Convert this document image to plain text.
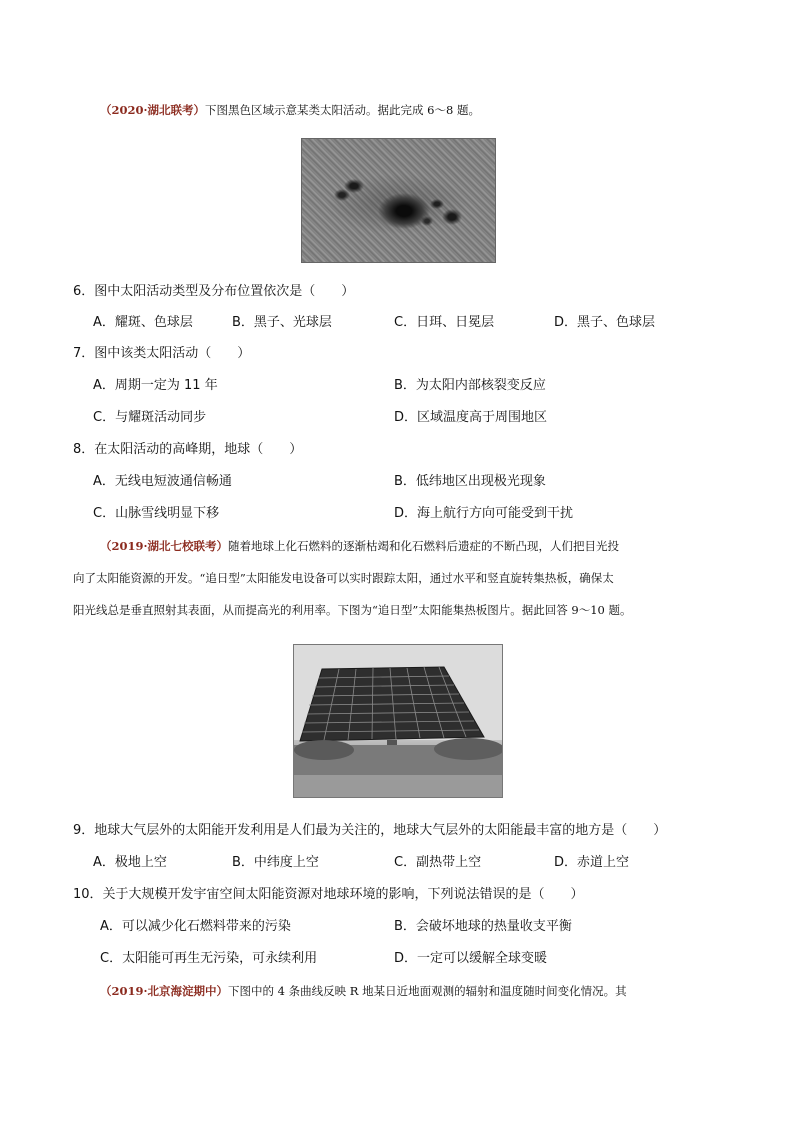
（2020·湖北联考）下图黑色区域示意某类太阳活动。据此完成 6～8 题。
6．图中太阳活动类型及分布位置依次是（　　）
A．耀斑、色球层	B．黑子、光球层	C．日珥、日冕层	D．黑子、色球层
7．图中该类太阳活动（　　）
A．周期一定为 11 年	B．为太阳内部核裂变反应
C．与耀斑活动同步	D．区域温度高于周围地区
8．在太阳活动的高峰期，地球（　　）
A．无线电短波通信畅通	B．低纬地区出现极光现象
C．山脉雪线明显下移	D．海上航行方向可能受到干扰
（2019·湖北七校联考）随着地球上化石燃料的逐渐枯竭和化石燃料后遗症的不断凸现，人们把目光投
向了太阳能资源的开发。“追日型”太阳能发电设备可以实时跟踪太阳，通过水平和竖直旋转集热板，确保太
阳光线总是垂直照射其表面，从而提高光的利用率。下图为“追日型”太阳能集热板图片。据此回答 9～10 题。
9．地球大气层外的太阳能开发利用是人们最为关注的，地球大气层外的太阳能最丰富的地方是（　　）
A．极地上空	B．中纬度上空	C．副热带上空	D．赤道上空
10．关于大规模开发宇宙空间太阳能资源对地球环境的影响，下列说法错误的是（　　）
A．可以减少化石燃料带来的污染	B．会破坏地球的热量收支平衡
C．太阳能可再生无污染，可永续利用	D．一定可以缓解全球变暖
（2019·北京海淀期中）下图中的 4 条曲线反映 R 地某日近地面观测的辐射和温度随时间变化情况。其
